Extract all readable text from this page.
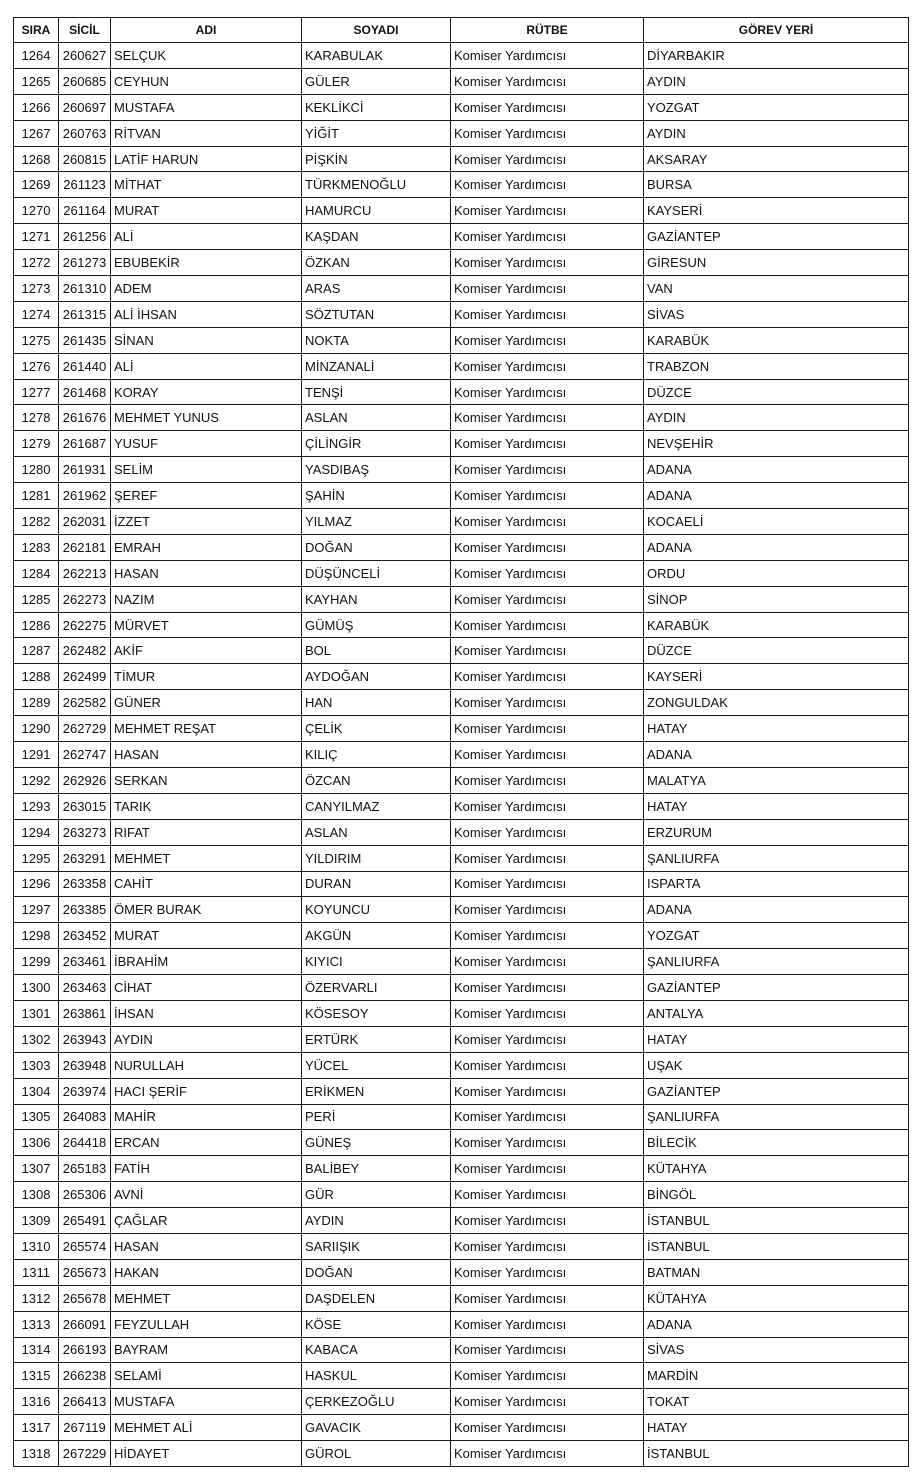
SIRA	SİCİL	ADI	SOYADI	RÜTBE	GÖREV YERİ
1264	260627	SELÇUK	KARABULAK	Komiser Yardımcısı	DİYARBAKIR
1265	260685	CEYHUN	GÜLER	Komiser Yardımcısı	AYDIN
1266	260697	MUSTAFA	KEKLİKCİ	Komiser Yardımcısı	YOZGAT
1267	260763	RİTVAN	YİĞİT	Komiser Yardımcısı	AYDIN
1268	260815	LATİF HARUN	PİŞKİN	Komiser Yardımcısı	AKSARAY
1269	261123	MİTHAT	TÜRKMENOĞLU	Komiser Yardımcısı	BURSA
1270	261164	MURAT	HAMURCU	Komiser Yardımcısı	KAYSERİ
1271	261256	ALİ	KAŞDAN	Komiser Yardımcısı	GAZİANTEP
1272	261273	EBUBEKİR	ÖZKAN	Komiser Yardımcısı	GİRESUN
1273	261310	ADEM	ARAS	Komiser Yardımcısı	VAN
1274	261315	ALİ İHSAN	SÖZTUTAN	Komiser Yardımcısı	SİVAS
1275	261435	SİNAN	NOKTA	Komiser Yardımcısı	KARABÜK
1276	261440	ALİ	MİNZANALİ	Komiser Yardımcısı	TRABZON
1277	261468	KORAY	TENŞİ	Komiser Yardımcısı	DÜZCE
1278	261676	MEHMET YUNUS	ASLAN	Komiser Yardımcısı	AYDIN
1279	261687	YUSUF	ÇİLİNGİR	Komiser Yardımcısı	NEVŞEHİR
1280	261931	SELİM	YASDIBAŞ	Komiser Yardımcısı	ADANA
1281	261962	ŞEREF	ŞAHİN	Komiser Yardımcısı	ADANA
1282	262031	İZZET	YILMAZ	Komiser Yardımcısı	KOCAELİ
1283	262181	EMRAH	DOĞAN	Komiser Yardımcısı	ADANA
1284	262213	HASAN	DÜŞÜNCELİ	Komiser Yardımcısı	ORDU
1285	262273	NAZIM	KAYHAN	Komiser Yardımcısı	SİNOP
1286	262275	MÜRVET	GÜMÜŞ	Komiser Yardımcısı	KARABÜK
1287	262482	AKİF	BOL	Komiser Yardımcısı	DÜZCE
1288	262499	TİMUR	AYDOĞAN	Komiser Yardımcısı	KAYSERİ
1289	262582	GÜNER	HAN	Komiser Yardımcısı	ZONGULDAK
1290	262729	MEHMET REŞAT	ÇELİK	Komiser Yardımcısı	HATAY
1291	262747	HASAN	KILIÇ	Komiser Yardımcısı	ADANA
1292	262926	SERKAN	ÖZCAN	Komiser Yardımcısı	MALATYA
1293	263015	TARIK	CANYILMAZ	Komiser Yardımcısı	HATAY
1294	263273	RIFAT	ASLAN	Komiser Yardımcısı	ERZURUM
1295	263291	MEHMET	YILDIRIM	Komiser Yardımcısı	ŞANLIURFA
1296	263358	CAHİT	DURAN	Komiser Yardımcısı	ISPARTA
1297	263385	ÖMER BURAK	KOYUNCU	Komiser Yardımcısı	ADANA
1298	263452	MURAT	AKGÜN	Komiser Yardımcısı	YOZGAT
1299	263461	İBRAHİM	KIYICI	Komiser Yardımcısı	ŞANLIURFA
1300	263463	CİHAT	ÖZERVARLI	Komiser Yardımcısı	GAZİANTEP
1301	263861	İHSAN	KÖSESOY	Komiser Yardımcısı	ANTALYA
1302	263943	AYDIN	ERTÜRK	Komiser Yardımcısı	HATAY
1303	263948	NURULLAH	YÜCEL	Komiser Yardımcısı	UŞAK
1304	263974	HACI ŞERİF	ERİKMEN	Komiser Yardımcısı	GAZİANTEP
1305	264083	MAHİR	PERİ	Komiser Yardımcısı	ŞANLIURFA
1306	264418	ERCAN	GÜNEŞ	Komiser Yardımcısı	BİLECİK
1307	265183	FATİH	BALİBEY	Komiser Yardımcısı	KÜTAHYA
1308	265306	AVNİ	GÜR	Komiser Yardımcısı	BİNGÖL
1309	265491	ÇAĞLAR	AYDIN	Komiser Yardımcısı	İSTANBUL
1310	265574	HASAN	SARIIŞIK	Komiser Yardımcısı	İSTANBUL
1311	265673	HAKAN	DOĞAN	Komiser Yardımcısı	BATMAN
1312	265678	MEHMET	DAŞDELEN	Komiser Yardımcısı	KÜTAHYA
1313	266091	FEYZULLAH	KÖSE	Komiser Yardımcısı	ADANA
1314	266193	BAYRAM	KABACA	Komiser Yardımcısı	SİVAS
1315	266238	SELAMİ	HASKUL	Komiser Yardımcısı	MARDİN
1316	266413	MUSTAFA	ÇERKEZOĞLU	Komiser Yardımcısı	TOKAT
1317	267119	MEHMET ALİ	GAVACIK	Komiser Yardımcısı	HATAY
1318	267229	HİDAYET	GÜROL	Komiser Yardımcısı	İSTANBUL
